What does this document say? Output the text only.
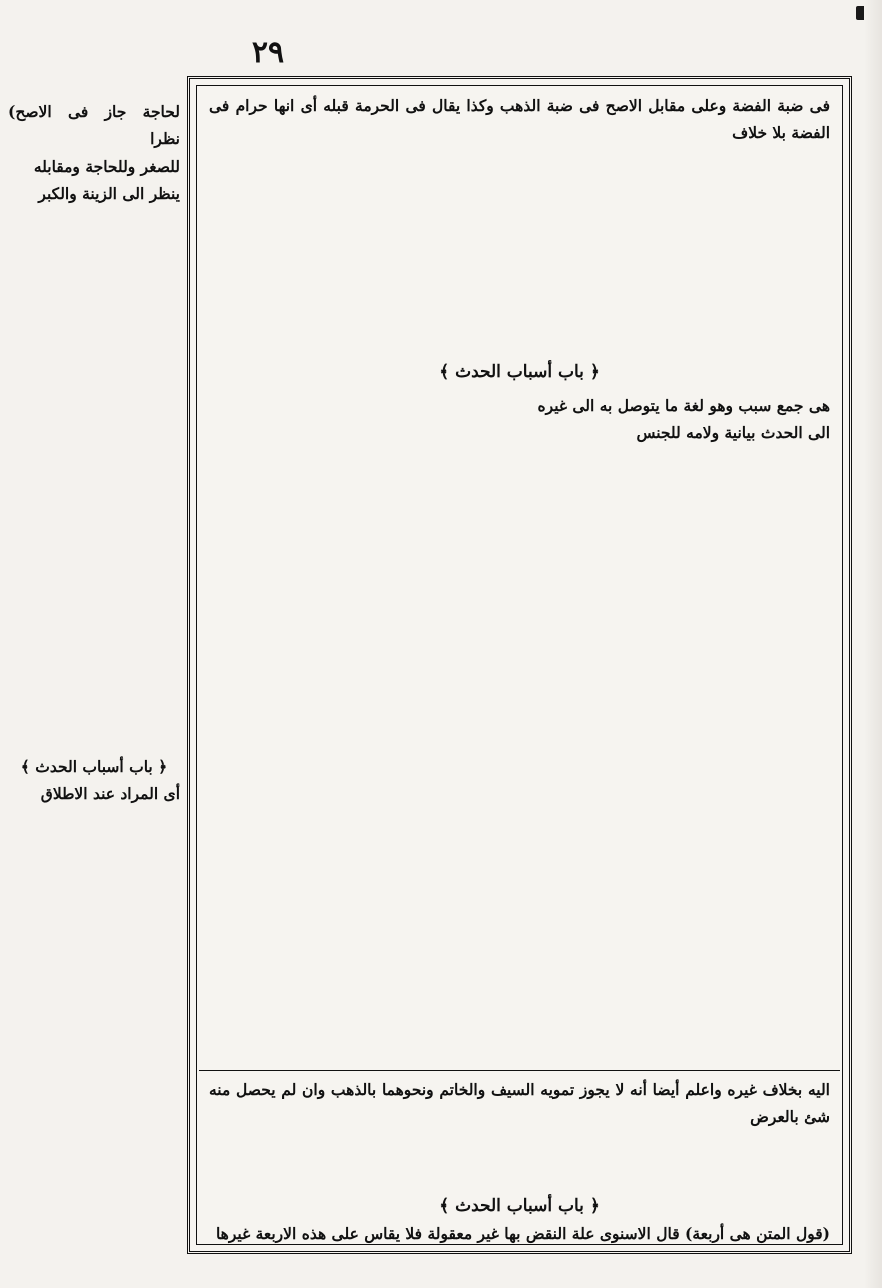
٢٩

فى ضبة الفضة وعلى مقابل الاصح فى ضبة الذهب وكذا يقال فى الحرمة قبله أى انها حرام فى الفضة بلا خلاف

﴿ باب أسباب الحدث ﴾

هى جمع سبب وهو لغة ما يتوصل به الى غيره

الى الحدث بيانية ولامه للجنس

اليه بخلاف غيره واعلم أيضا أنه لا يجوز تمويه السيف والخاتم ونحوهما بالذهب وان لم يحصل منه شئ بالعرض

﴿ باب أسباب الحدث ﴾

(قول المتن هى أربعة) قال الاسنوى علة النقض بها غير معقولة فلا يقاس على هذه الاربعة غيرها

لحاجة جاز فى الاصح) نظرا

للصغر وللحاجة ومقابله

ينظر الى الزينة والكبر

﴿ باب أسباب الحدث ﴾

أى المراد عند الاطلاق
